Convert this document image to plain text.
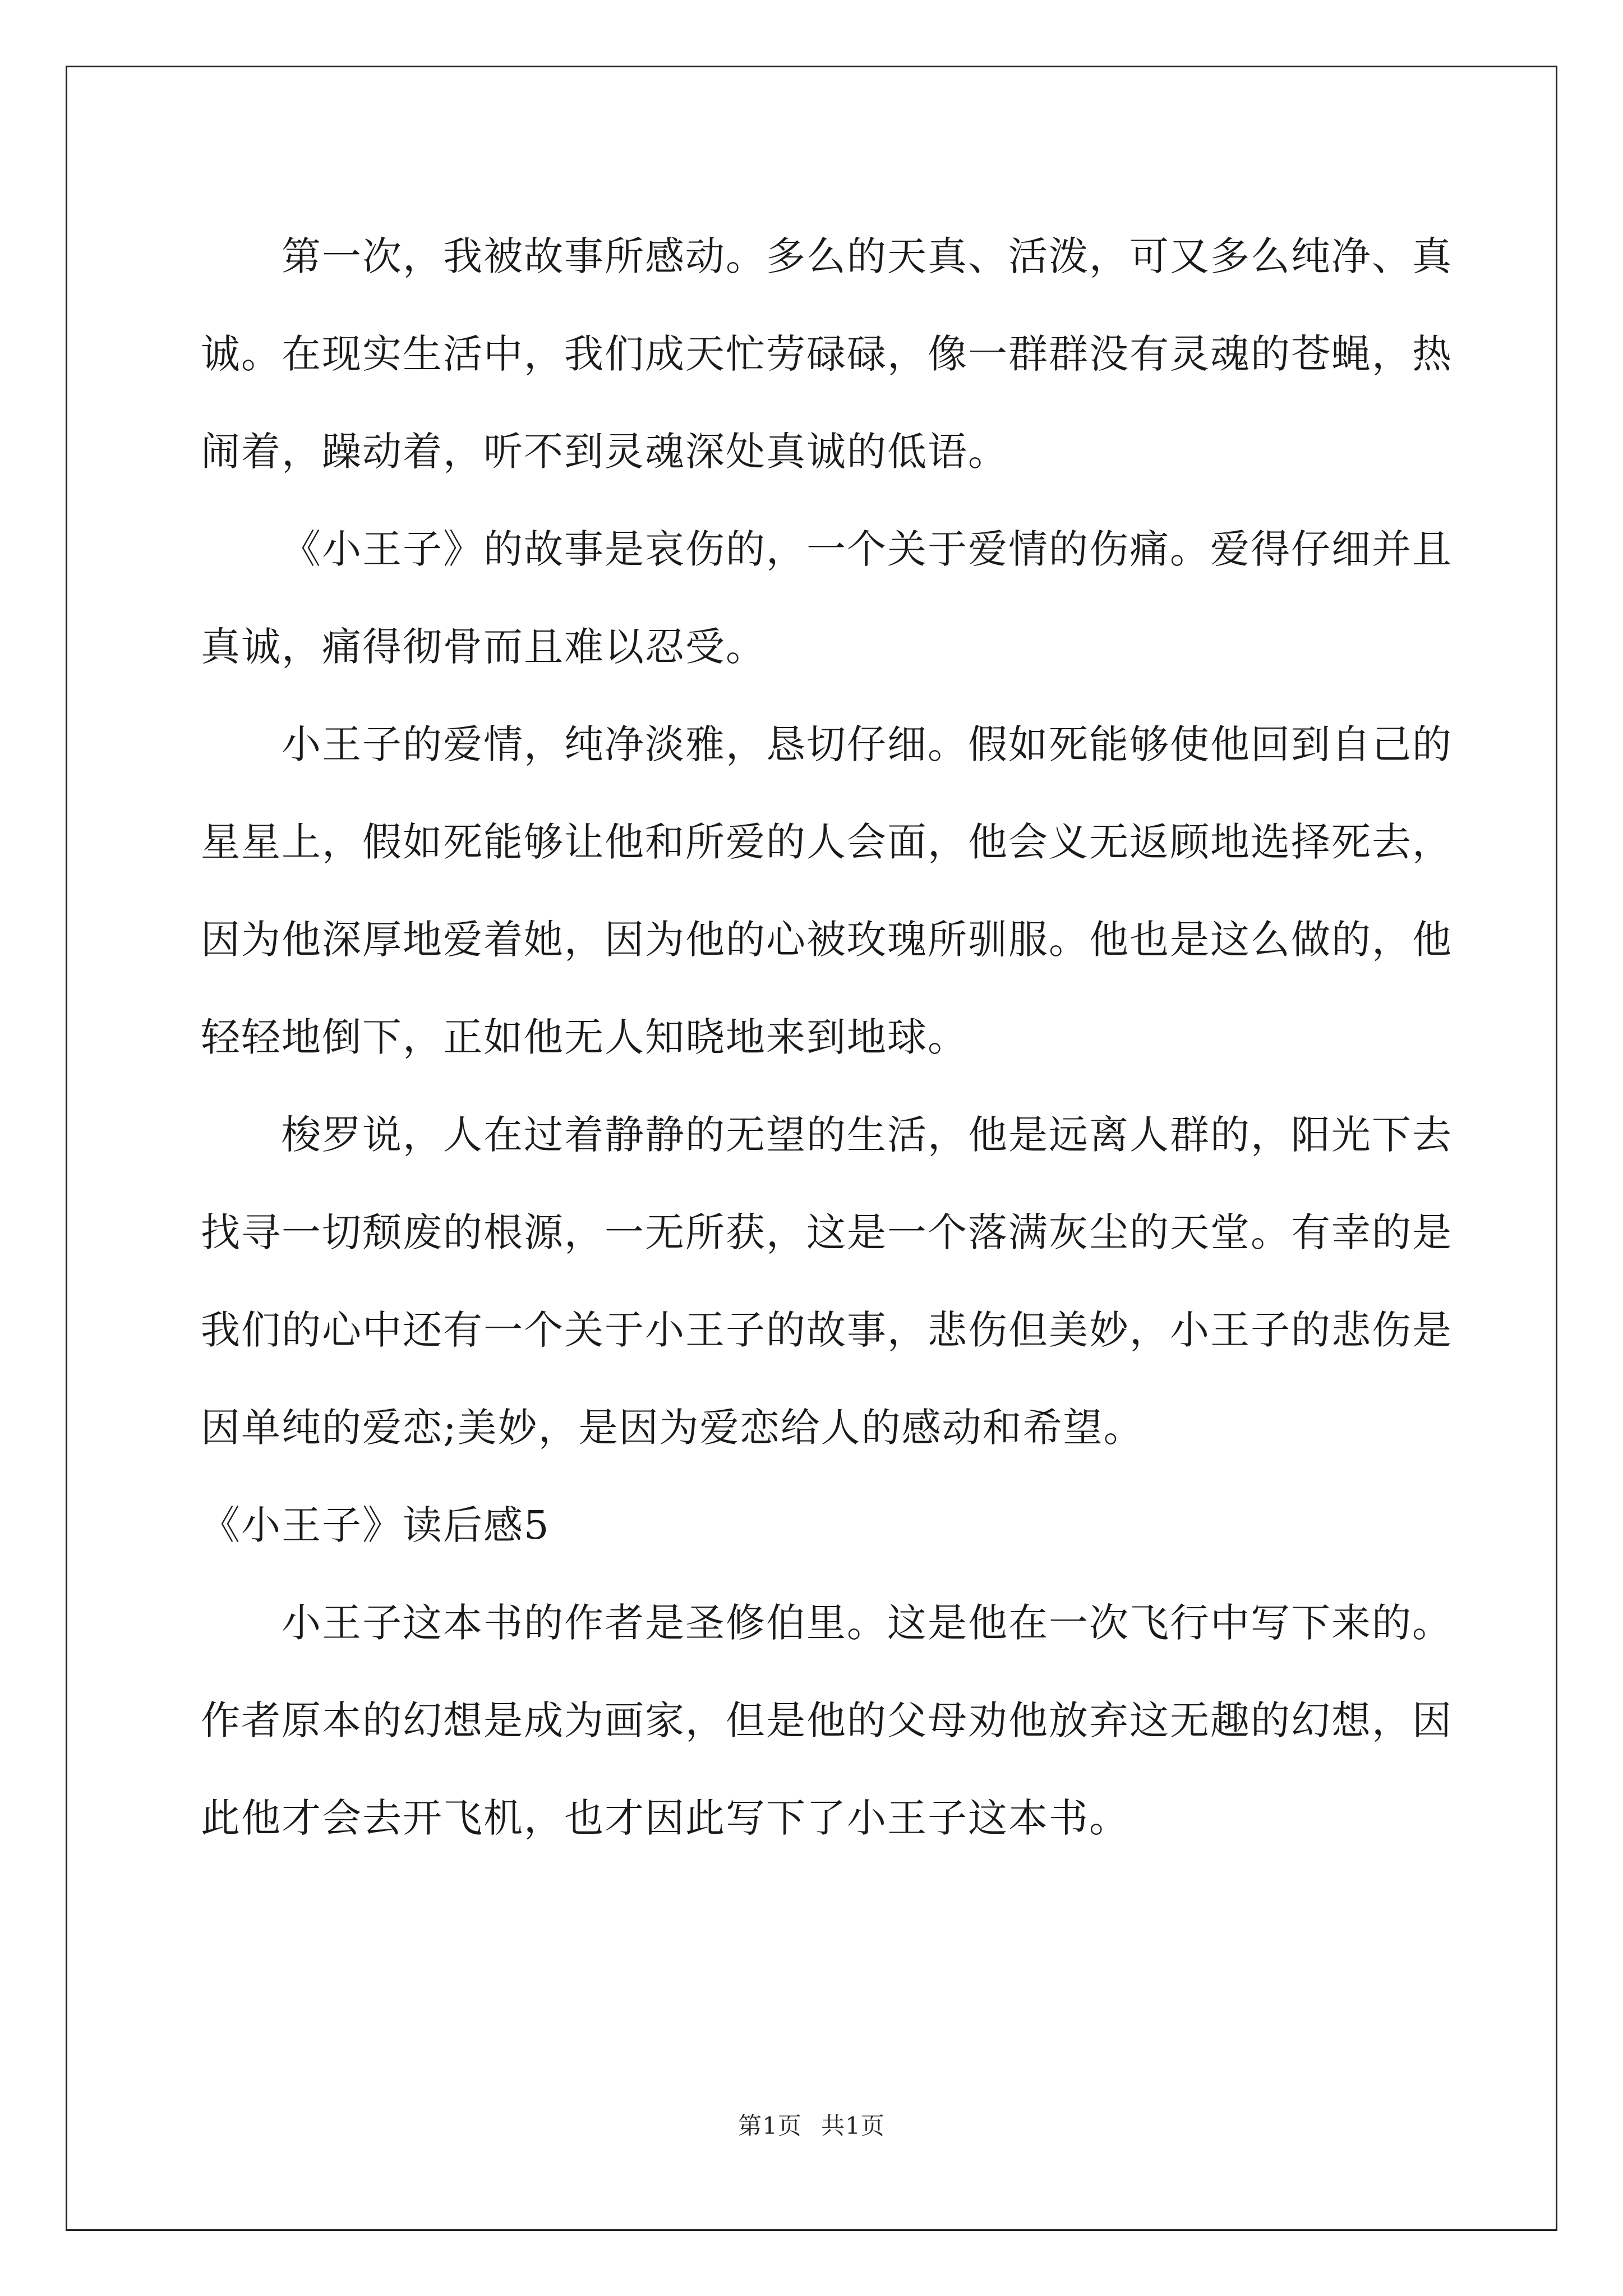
第一次，我被故事所感动。多么的天真、活泼，可又多么纯净、真诚。在现实生活中，我们成天忙劳碌碌，像一群群没有灵魂的苍蝇，热闹着，躁动着，听不到灵魂深处真诚的低语。

《小王子》的故事是哀伤的，一个关于爱情的伤痛。爱得仔细并且真诚，痛得彻骨而且难以忍受。

小王子的爱情，纯净淡雅，恳切仔细。假如死能够使他回到自己的星星上，假如死能够让他和所爱的人会面，他会义无返顾地选择死去，因为他深厚地爱着她，因为他的心被玫瑰所驯服。他也是这么做的，他轻轻地倒下，正如他无人知晓地来到地球。

梭罗说，人在过着静静的无望的生活，他是远离人群的，阳光下去找寻一切颓废的根源，一无所获，这是一个落满灰尘的天堂。有幸的是我们的心中还有一个关于小王子的故事，悲伤但美妙，小王子的悲伤是因单纯的爱恋;美妙，是因为爱恋给人的感动和希望。

《小王子》读后感5

小王子这本书的作者是圣修伯里。这是他在一次飞行中写下来的。作者原本的幻想是成为画家，但是他的父母劝他放弃这无趣的幻想，因此他才会去开飞机，也才因此写下了小王子这本书。

第1页 共1页
